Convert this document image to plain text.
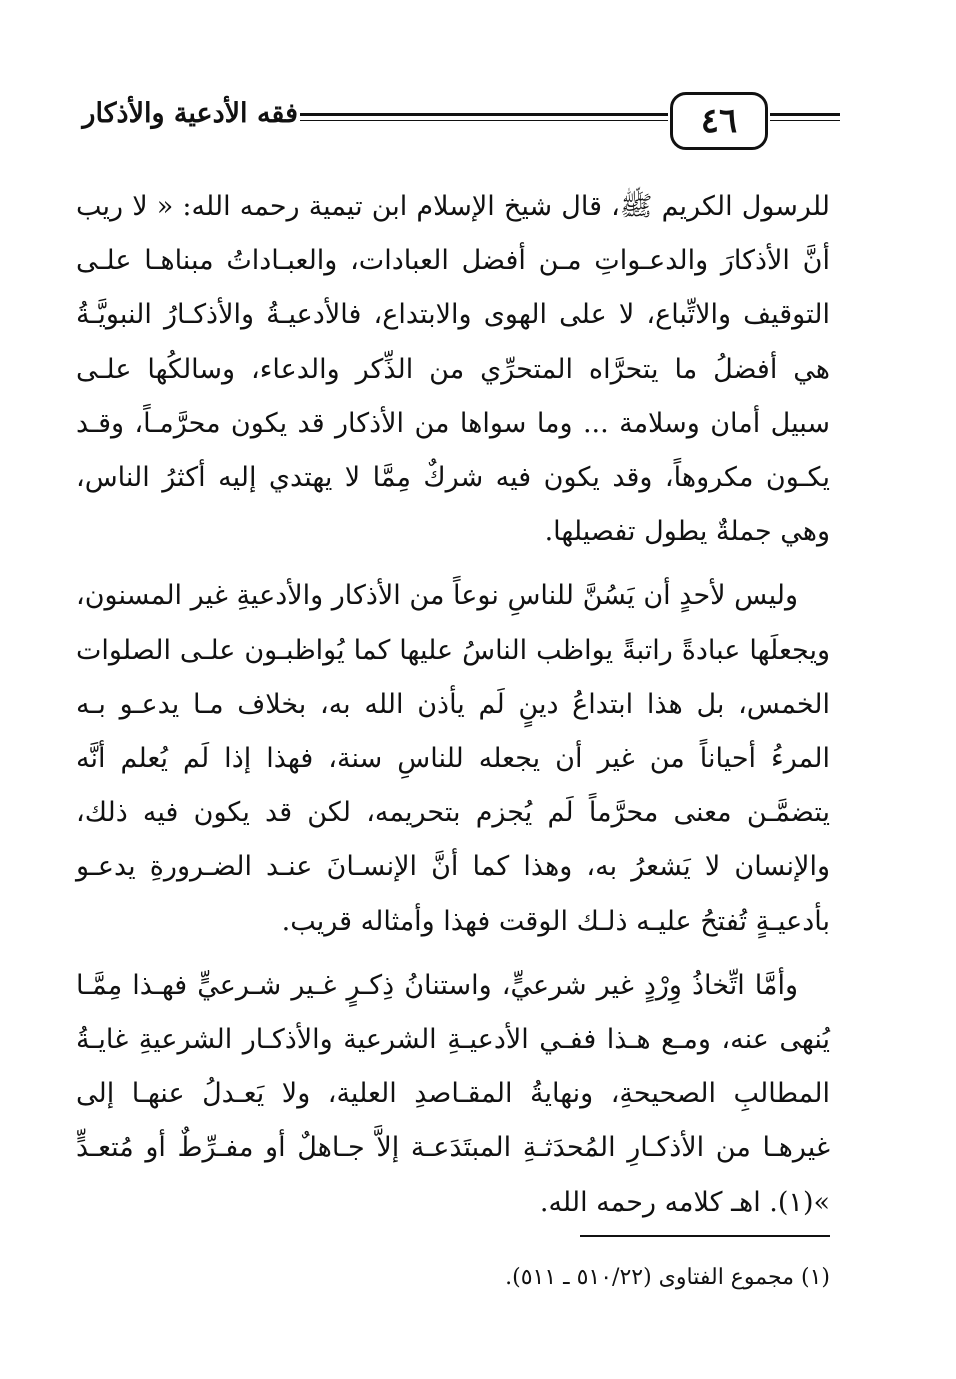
فقه الأدعية والأذكار	٤٦

للرسول الكريم ﷺ، قال شيخ الإسلام ابن تيمية رحمه الله: « لا ريب أنَّ الأذكارَ والدعـواتِ مـن أفضل العبادات، والعبـاداتُ مبناهـا علـى التوقيف والاتِّباع، لا على الهوى والابتداع، فالأدعيـةُ والأذكـارُ النبويَّـةُ هي أفضلُ ما يتحرَّاه المتحرِّي من الذِّكر والدعاء، وسالكُها علـى سبيل أمان وسلامة ... وما سواها من الأذكار قد يكون محرَّمـاً، وقـد يكـون مكروهاً، وقد يكون فيه شركٌ مِمَّا لا يهتدي إليه أكثرُ الناس، وهي جملةٌ يطول تفصيلها.

وليس لأحدٍ أن يَسُنَّ للناسِ نوعاً من الأذكار والأدعيةِ غير المسنون، ويجعلَها عبادةً راتبةً يواظب الناسُ عليها كما يُواظبـون علـى الصلوات الخمس، بل هذا ابتداعُ دينٍ لَم يأذن الله به، بخلاف مـا يدعـو بـه المرءُ أحياناً من غير أن يجعله للناسِ سنة، فهذا إذا لَم يُعلم أنَّه يتضمَّـن معنى محرَّماً لَم يُجزم بتحريمه، لكن قد يكون فيه ذلك، والإنسان لا يَشعرُ به، وهذا كما أنَّ الإنسـانَ عنـد الضـرورةِ يدعـو بأدعيـةٍ تُفتحُ عليـه ذلـك الوقت فهذا وأمثاله قريب.

وأمَّا اتِّخاذُ وِرْدٍ غير شرعيٍّ، واستنانُ ذِكـرٍ غـير شـرعيٍّ فهـذا مِمَّـا يُنهى عنه، ومـع هـذا ففـي الأدعيـةِ الشرعية والأذكـار الشرعيةِ غايـةُ المطالبِ الصحيحةِ، ونهايةُ المقـاصدِ العلية، ولا يَعـدلُ عنهـا إلى غيرهـا من الأذكـارِ المُحدَثـةِ المبتَدَعـة إلاَّ جـاهلٌ أو مفـرِّطٌ أو مُتعـدٍّ »(١). اهـ كلامه رحمه الله.

(١) مجموع الفتاوى (٥١٠/٢٢ ـ ٥١١).
